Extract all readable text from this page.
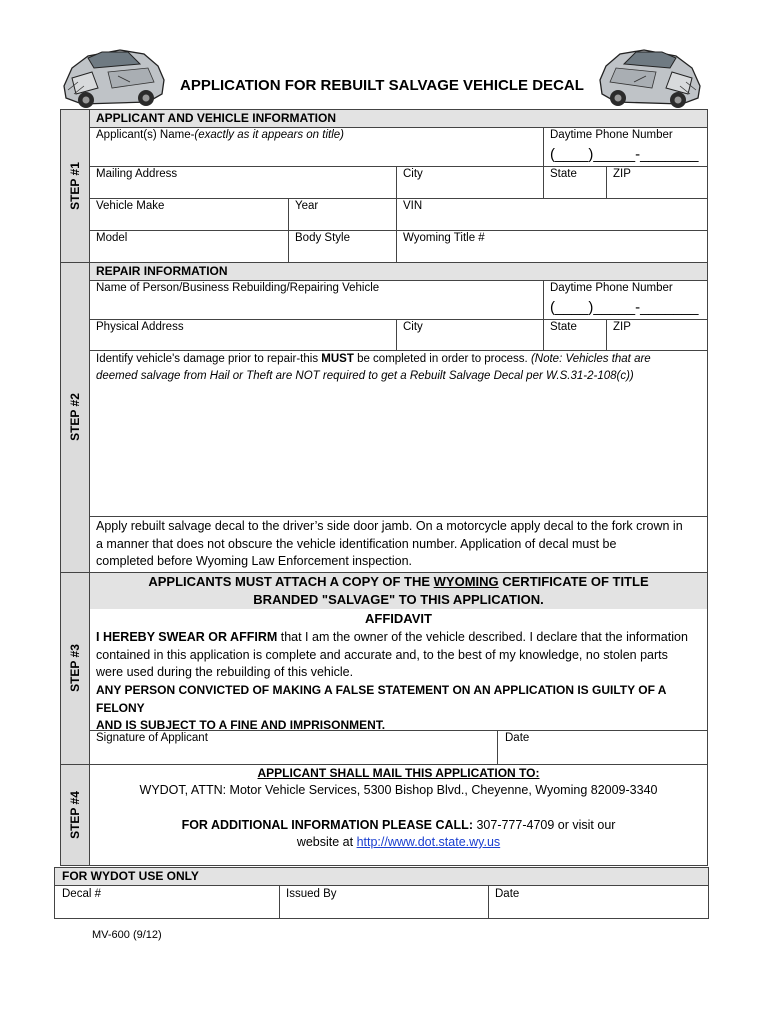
APPLICATION FOR REBUILT SALVAGE VEHICLE DECAL
STEP #1
STEP #2
STEP #3
STEP #4
APPLICANT AND VEHICLE INFORMATION
Applicant(s) Name-(exactly as it appears on title)	Daytime Phone Number
(____)_____-_______
Mailing Address	City	State	ZIP
Vehicle Make	Year	VIN
Model	Body Style	Wyoming Title #
REPAIR INFORMATION
Name of Person/Business Rebuilding/Repairing Vehicle	Daytime Phone Number
(____)_____-_______
Physical Address	City	State	ZIP
Identify vehicle's damage prior to repair-this MUST be completed in order to process. (Note: Vehicles that are
deemed salvage from Hail or Theft are NOT required to get a Rebuilt Salvage Decal per W.S.31-2-108(c))
Apply rebuilt salvage decal to the driver’s side door jamb. On a motorcycle apply decal to the fork crown in
a manner that does not obscure the vehicle identification number. Application of decal must be
completed before Wyoming Law Enforcement inspection.
APPLICANTS MUST ATTACH A COPY OF THE WYOMING CERTIFICATE OF TITLE
BRANDED "SALVAGE" TO THIS APPLICATION.
AFFIDAVIT
I HEREBY SWEAR OR AFFIRM that I am the owner of the vehicle described. I declare that the information
contained in this application is complete and accurate and, to the best of my knowledge, no stolen parts
were used during the rebuilding of this vehicle.
ANY PERSON CONVICTED OF MAKING A FALSE STATEMENT ON AN APPLICATION IS GUILTY OF A FELONY
AND IS SUBJECT TO A FINE AND IMPRISONMENT.
Signature of Applicant	Date
APPLICANT SHALL MAIL THIS APPLICATION TO:
WYDOT, ATTN: Motor Vehicle Services, 5300 Bishop Blvd., Cheyenne, Wyoming 82009-3340
FOR ADDITIONAL INFORMATION PLEASE CALL: 307-777-4709 or visit our
website at http://www.dot.state.wy.us
FOR WYDOT USE ONLY
Decal #	Issued By	Date
MV-600 (9/12)
